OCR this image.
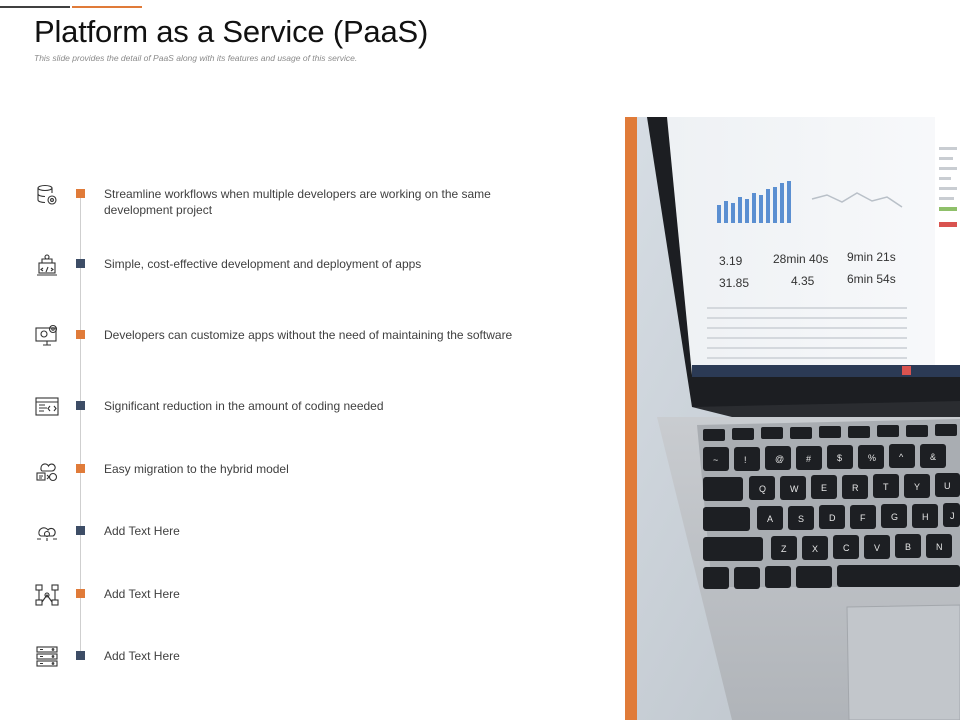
Platform as a Service (PaaS)
This slide provides the detail of PaaS along with its features and usage of this service.
Streamline workflows when multiple developers are working on the same development project
Simple, cost-effective development and deployment of apps
Developers can customize apps without the need of maintaining the software
Significant reduction in the amount of coding needed
Easy migration to the hybrid model
Add Text Here
Add Text Here
Add Text Here
3.19	28min 40s 9min 21s
31.85	4.35	6min 54s
~	!	@ #	$	%	^	&
Q	W	E	R	T	Y	U
A	S	D	F	G	H J
Z	X	C	V	B	N
